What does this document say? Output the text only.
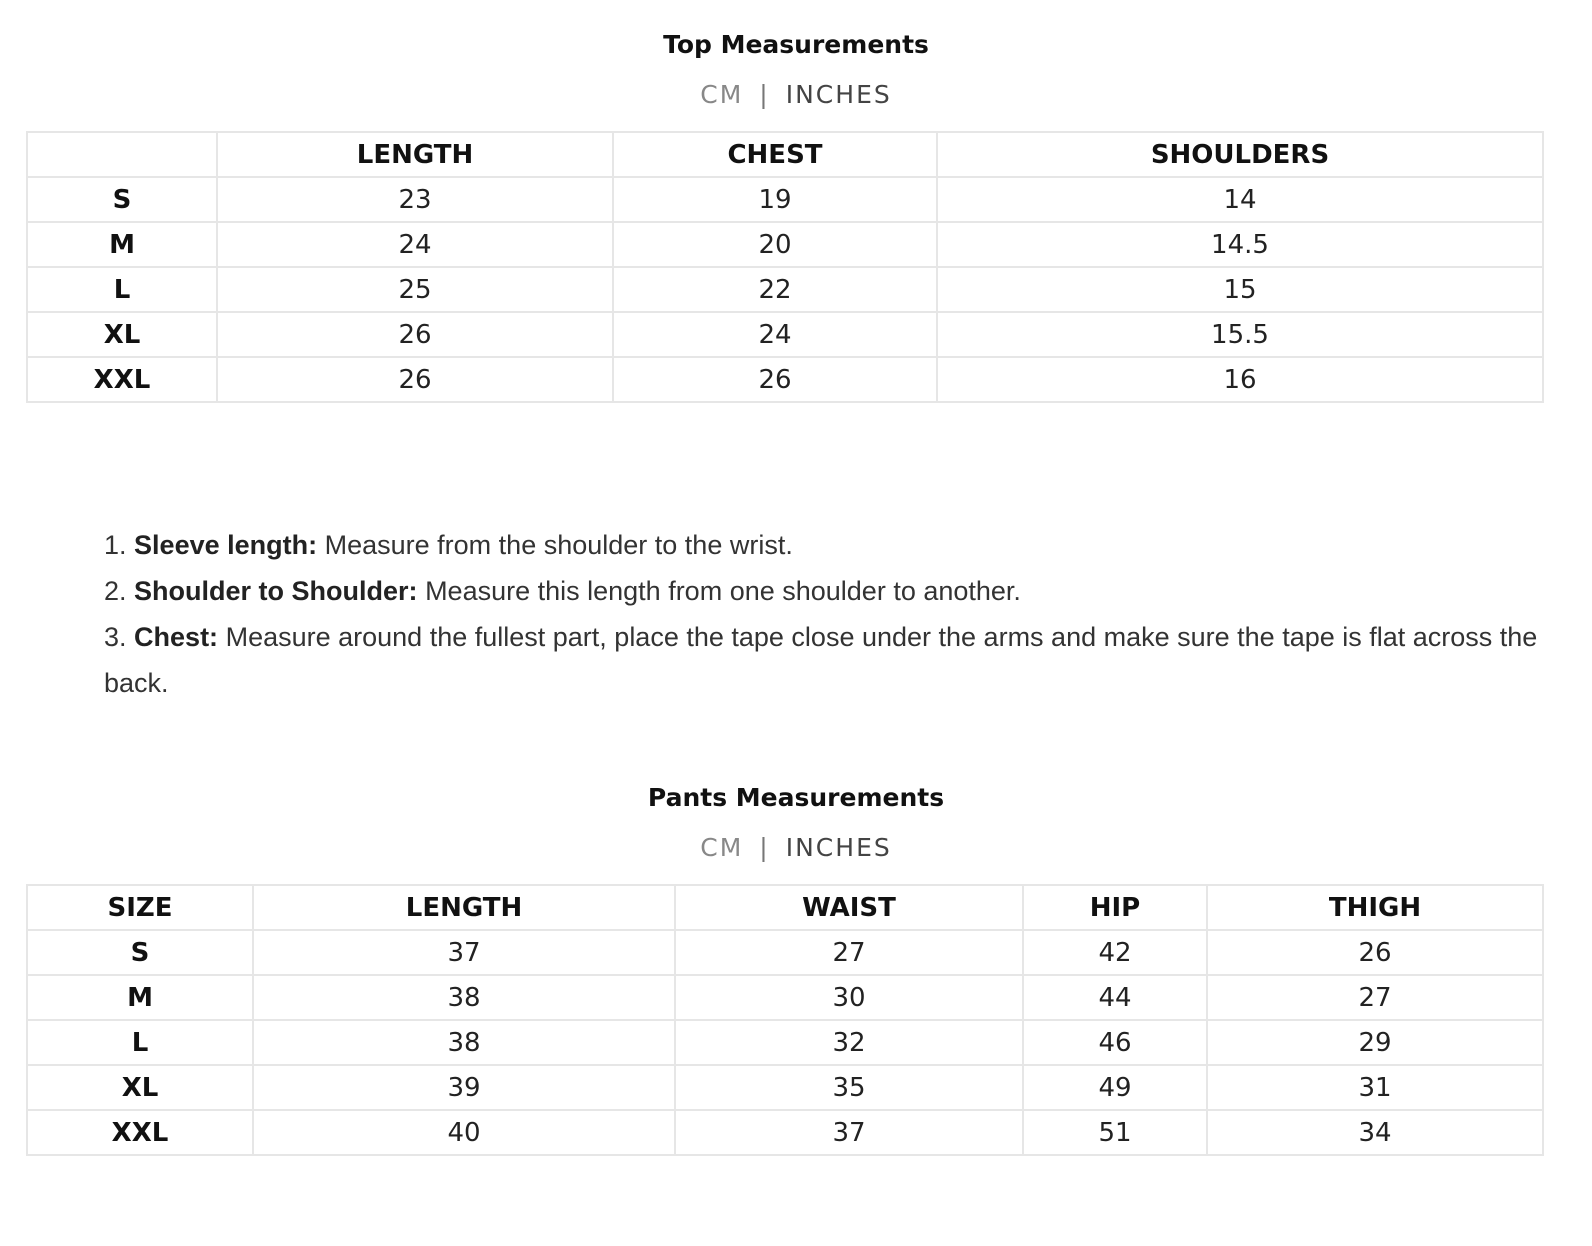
Top Measurements
CM | INCHES
	LENGTH	CHEST	SHOULDERS
S	23	19	14
M	24	20	14.5
L	25	22	15
XL	26	24	15.5
XXL	26	26	16
1. Sleeve length: Measure from the shoulder to the wrist.
2. Shoulder to Shoulder: Measure this length from one shoulder to another.
3. Chest: Measure around the fullest part, place the tape close under the arms and make sure the tape is flat across the back.
Pants Measurements
CM | INCHES
SIZE	LENGTH	WAIST	HIP	THIGH
S	37	27	42	26
M	38	30	44	27
L	38	32	46	29
XL	39	35	49	31
XXL	40	37	51	34
